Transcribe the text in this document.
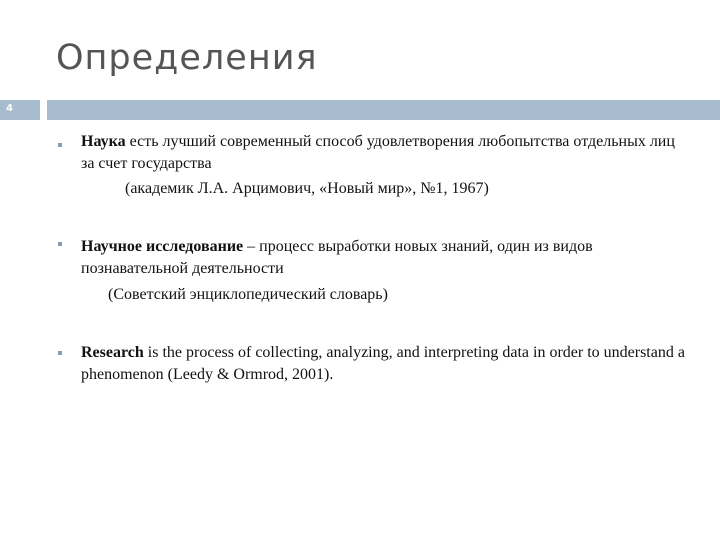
Определения
4
Наука есть лучший современный способ удовлетворения любопытства отдельных лиц за счет государства
(академик Л.А. Арцимович, «Новый мир», №1, 1967)
Научное исследование – процесс выработки новых знаний, один из видов познавательной деятельности
(Советский энциклопедический словарь)
Research is the process of collecting, analyzing, and interpreting data in order to understand a phenomenon (Leedy & Ormrod, 2001).
